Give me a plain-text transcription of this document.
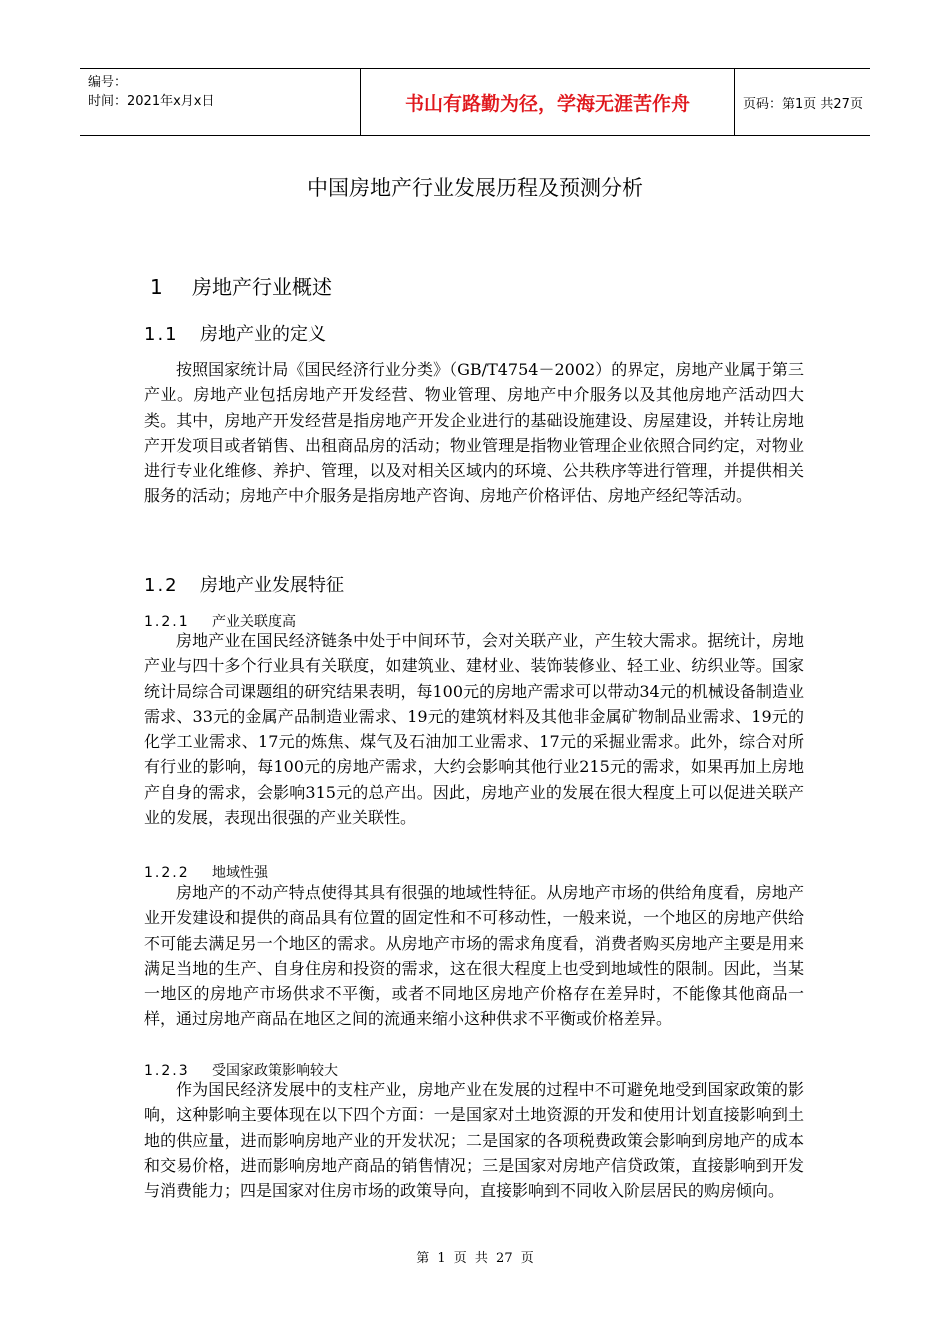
编号：
时间：2021年x月x日	书山有路勤为径，学海无涯苦作舟	页码：第1页 共27页
中国房地产行业发展历程及预测分析
1 房地产行业概述
1.1 房地产业的定义

按照国家统计局《国民经济行业分类》（GB/T4754－2002）的界定，房地产业属于第三产业。房地产业包括房地产开发经营、物业管理、房地产中介服务以及其他房地产活动四大类。其中，房地产开发经营是指房地产开发企业进行的基础设施建设、房屋建设，并转让房地产开发项目或者销售、出租商品房的活动；物业管理是指物业管理企业依照合同约定，对物业进行专业化维修、养护、管理，以及对相关区域内的环境、公共秩序等进行管理，并提供相关服务的活动；房地产中介服务是指房地产咨询、房地产价格评估、房地产经纪等活动。

1.2 房地产业发展特征
1.2.1 产业关联度高

房地产业在国民经济链条中处于中间环节，会对关联产业，产生较大需求。据统计，房地产业与四十多个行业具有关联度，如建筑业、建材业、装饰装修业、轻工业、纺织业等。国家统计局综合司课题组的研究结果表明，每100元的房地产需求可以带动34元的机械设备制造业需求、33元的金属产品制造业需求、19元的建筑材料及其他非金属矿物制品业需求、19元的化学工业需求、17元的炼焦、煤气及石油加工业需求、17元的采掘业需求。此外，综合对所有行业的影响，每100元的房地产需求，大约会影响其他行业215元的需求，如果再加上房地产自身的需求，会影响315元的总产出。因此，房地产业的发展在很大程度上可以促进关联产业的发展，表现出很强的产业关联性。

1.2.2 地域性强

房地产的不动产特点使得其具有很强的地域性特征。从房地产市场的供给角度看，房地产业开发建设和提供的商品具有位置的固定性和不可移动性，一般来说，一个地区的房地产供给不可能去满足另一个地区的需求。从房地产市场的需求角度看，消费者购买房地产主要是用来满足当地的生产、自身住房和投资的需求，这在很大程度上也受到地域性的限制。因此，当某一地区的房地产市场供求不平衡，或者不同地区房地产价格存在差异时，不能像其他商品一样，通过房地产商品在地区之间的流通来缩小这种供求不平衡或价格差异。

1.2.3 受国家政策影响较大

作为国民经济发展中的支柱产业，房地产业在发展的过程中不可避免地受到国家政策的影响，这种影响主要体现在以下四个方面：一是国家对土地资源的开发和使用计划直接影响到土地的供应量，进而影响房地产业的开发状况；二是国家的各项税费政策会影响到房地产的成本和交易价格，进而影响房地产商品的销售情况；三是国家对房地产信贷政策，直接影响到开发与消费能力；四是国家对住房市场的政策导向，直接影响到不同收入阶层居民的购房倾向。

第 1 页 共 27 页
